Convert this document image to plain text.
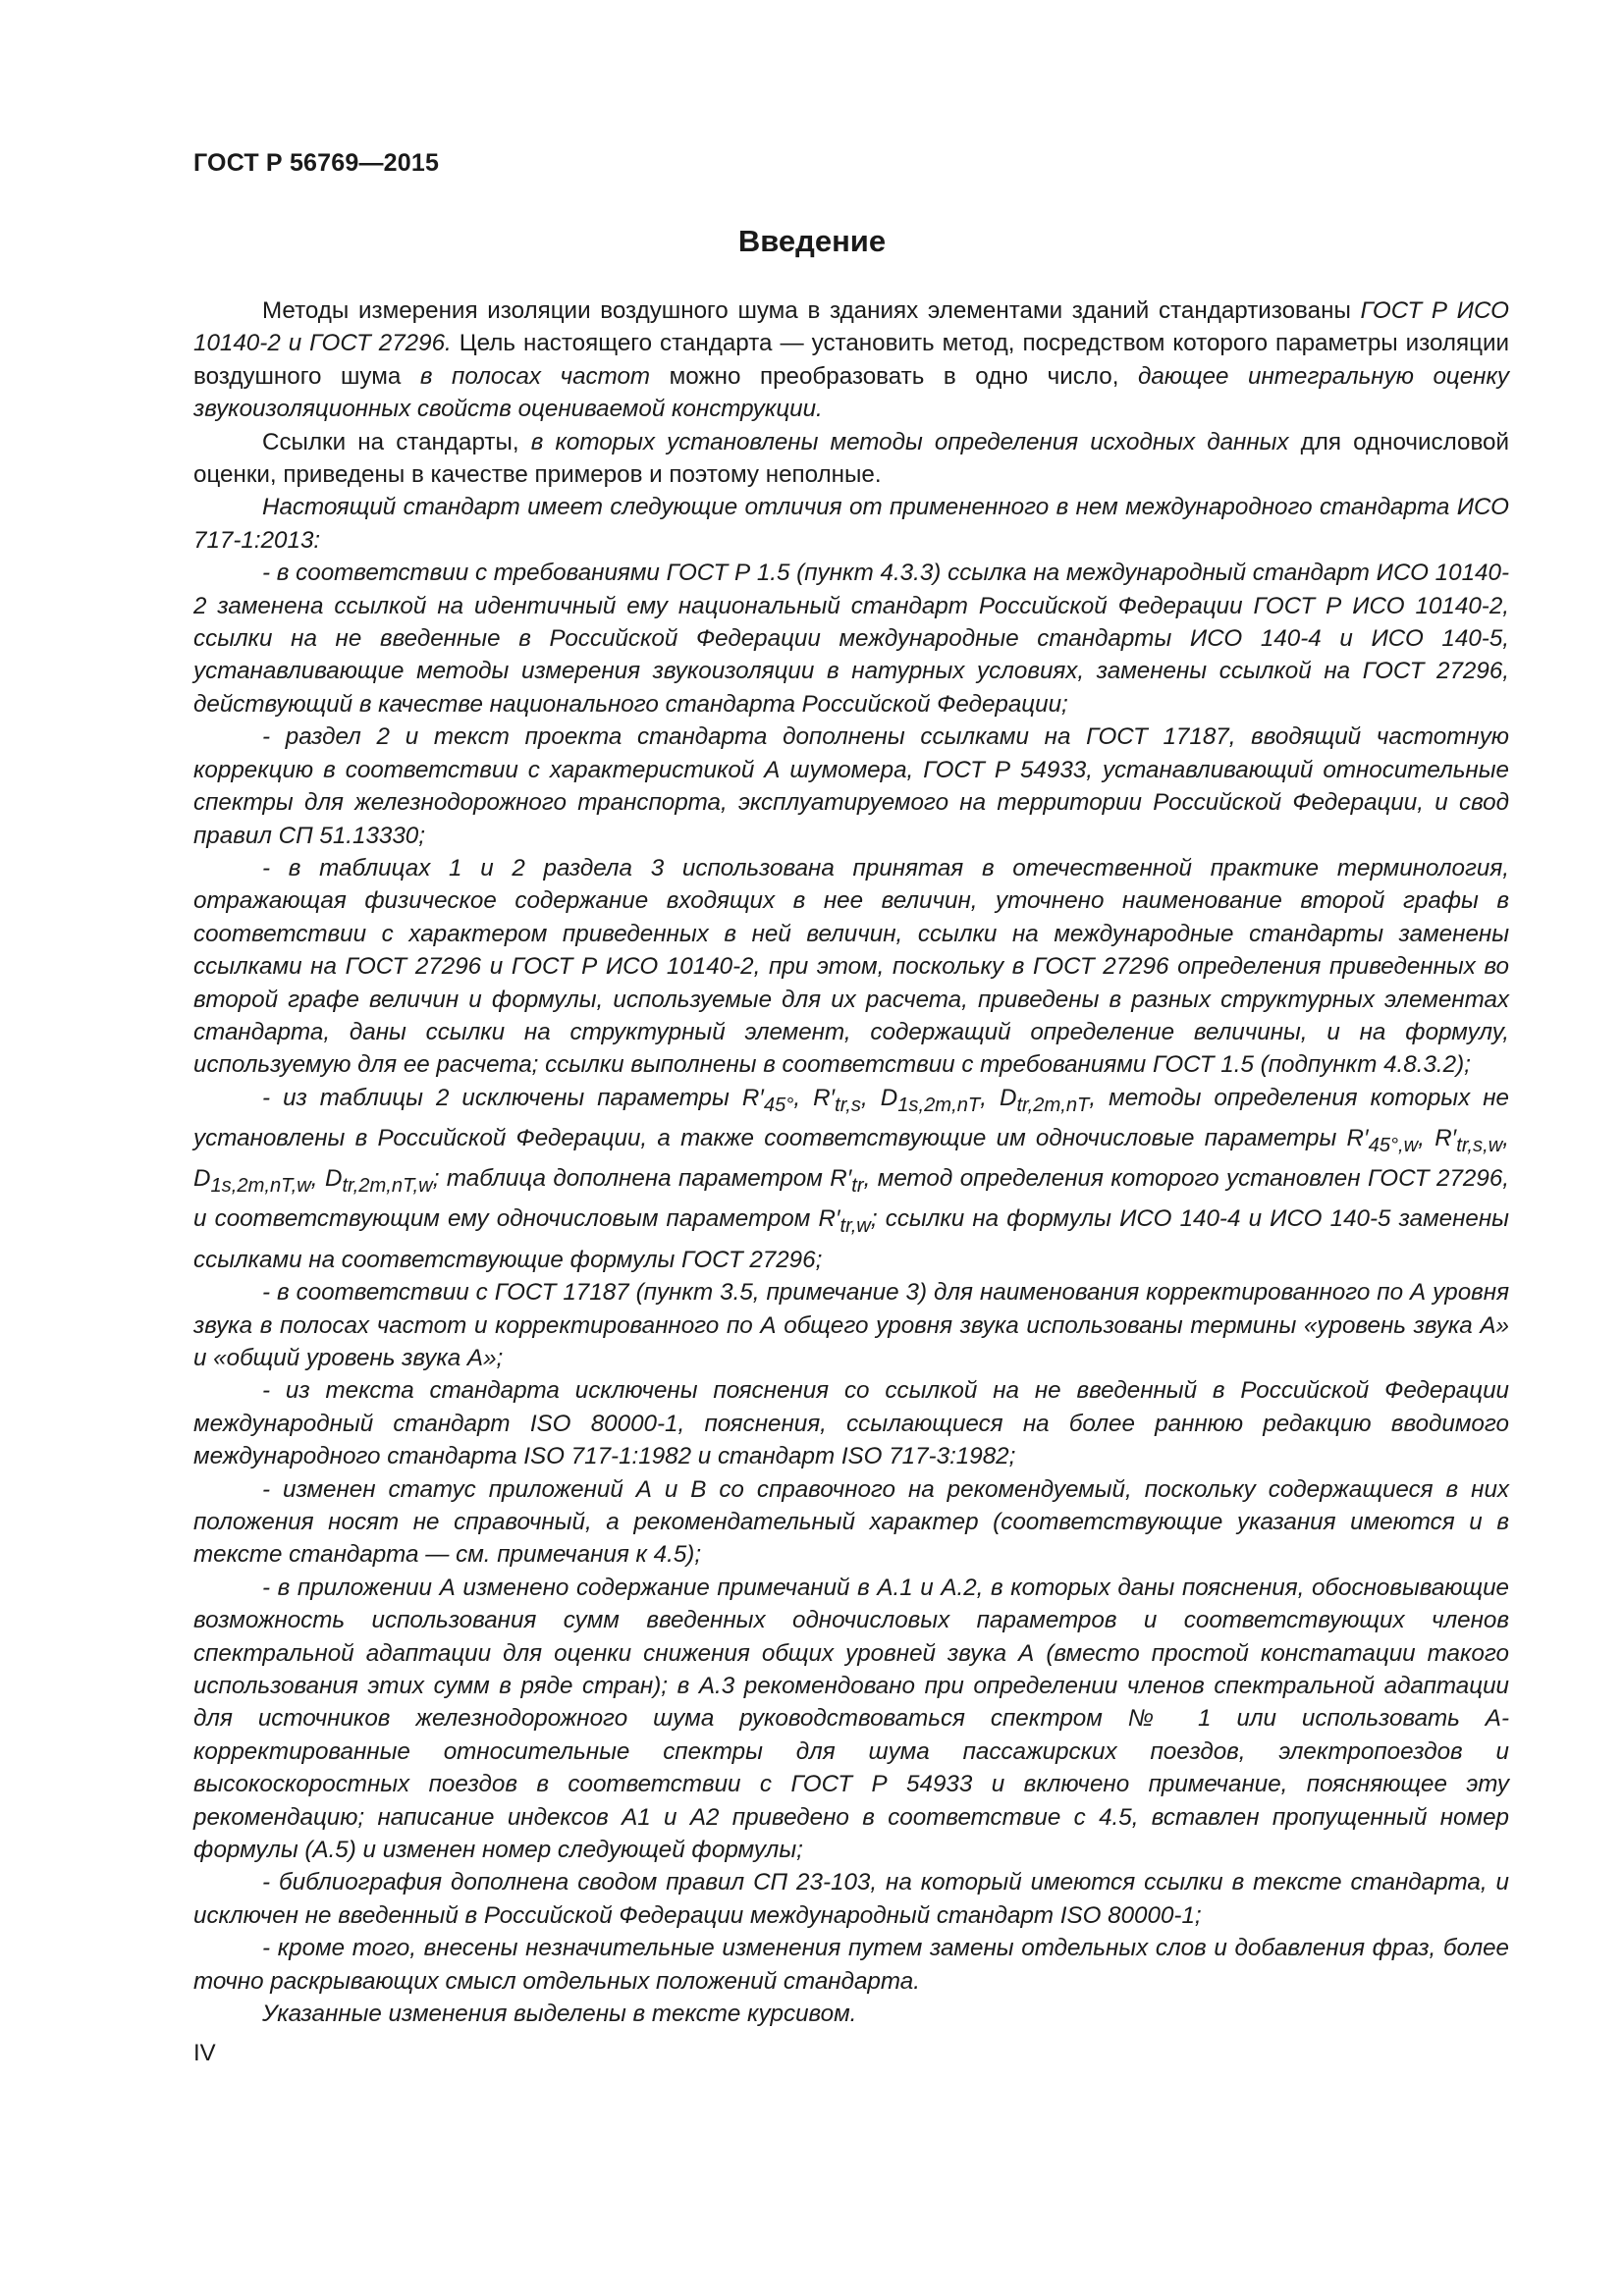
ГОСТ Р 56769—2015
Введение

Методы измерения изоляции воздушного шума в зданиях элементами зданий стандартизованы ГОСТ Р ИСО 10140-2 и ГОСТ 27296. Цель настоящего стандарта — установить метод, посредством которого параметры изоляции воздушного шума в полосах частот можно преобразовать в одно число, дающее интегральную оценку звукоизоляционных свойств оцениваемой конструкции.

Ссылки на стандарты, в которых установлены методы определения исходных данных для одночисловой оценки, приведены в качестве примеров и поэтому неполные.

Настоящий стандарт имеет следующие отличия от примененного в нем международного стандарта ИСО 717-1:2013:

- в соответствии с требованиями ГОСТ Р 1.5 (пункт 4.3.3) ссылка на международный стандарт ИСО 10140-2 заменена ссылкой на идентичный ему национальный стандарт Российской Федерации ГОСТ Р ИСО 10140-2, ссылки на не введенные в Российской Федерации международные стандарты ИСО 140-4 и ИСО 140-5, устанавливающие методы измерения звукоизоляции в натурных условиях, заменены ссылкой на ГОСТ 27296, действующий в качестве национального стандарта Российской Федерации;

- раздел 2 и текст проекта стандарта дополнены ссылками на ГОСТ 17187, вводящий частотную коррекцию в соответствии с характеристикой А шумомера, ГОСТ Р 54933, устанавливающий относительные спектры для железнодорожного транспорта, эксплуатируемого на территории Российской Федерации, и свод правил СП 51.13330;

- в таблицах 1 и 2 раздела 3 использована принятая в отечественной практике терминология, отражающая физическое содержание входящих в нее величин, уточнено наименование второй графы в соответствии с характером приведенных в ней величин, ссылки на международные стандарты заменены ссылками на ГОСТ 27296 и ГОСТ Р ИСО 10140-2, при этом, поскольку в ГОСТ 27296 определения приведенных во второй графе величин и формулы, используемые для их расчета, приведены в разных структурных элементах стандарта, даны ссылки на структурный элемент, содержащий определение величины, и на формулу, используемую для ее расчета; ссылки выполнены в соответствии с требованиями ГОСТ 1.5 (подпункт 4.8.3.2);

- из таблицы 2 исключены параметры $R'_{45^\circ}$, $R'_{tr,s}$, $D_{1s,2m,nT}$, $D_{tr,2m,nT}$, методы определения которых не установлены в Российской Федерации, а также соответствующие им одночисловые параметры $R'_{45^\circ,w}$, $R'_{tr,s,w}$, $D_{1s,2m,nT,w}$, $D_{tr,2m,nT,w}$; таблица дополнена параметром $R'_{tr}$, метод определения которого установлен ГОСТ 27296, и соответствующим ему одночисловым параметром $R'_{tr,w}$; ссылки на формулы ИСО 140-4 и ИСО 140-5 заменены ссылками на соответствующие формулы ГОСТ 27296;

- в соответствии с ГОСТ 17187 (пункт 3.5, примечание 3) для наименования корректированного по А уровня звука в полосах частот и корректированного по А общего уровня звука использованы термины «уровень звука А» и «общий уровень звука А»;

- из текста стандарта исключены пояснения со ссылкой на не введенный в Российской Федерации международный стандарт ISO 80000-1, пояснения, ссылающиеся на более раннюю редакцию вводимого международного стандарта ISO 717-1:1982 и стандарт ISO 717-3:1982;

- изменен статус приложений А и В со справочного на рекомендуемый, поскольку содержащиеся в них положения носят не справочный, а рекомендательный характер (соответствующие указания имеются и в тексте стандарта — см. примечания к 4.5);

- в приложении А изменено содержание примечаний в А.1 и А.2, в которых даны пояснения, обосновывающие возможность использования сумм введенных одночисловых параметров и соответствующих членов спектральной адаптации для оценки снижения общих уровней звука А (вместо простой констатации такого использования этих сумм в ряде стран); в А.3 рекомендовано при определении членов спектральной адаптации для источников железнодорожного шума руководствоваться спектром № 1 или использовать А-корректированные относительные спектры для шума пассажирских поездов, электропоездов и высокоскоростных поездов в соответствии с ГОСТ Р 54933 и включено примечание, поясняющее эту рекомендацию; написание индексов А1 и А2 приведено в соответствие с 4.5, вставлен пропущенный номер формулы (А.5) и изменен номер следующей формулы;

- библиография дополнена сводом правил СП 23-103, на который имеются ссылки в тексте стандарта, и исключен не введенный в Российской Федерации международный стандарт ISO 80000-1;

- кроме того, внесены незначительные изменения путем замены отдельных слов и добавления фраз, более точно раскрывающих смысл отдельных положений стандарта.

Указанные изменения выделены в тексте курсивом.

IV
